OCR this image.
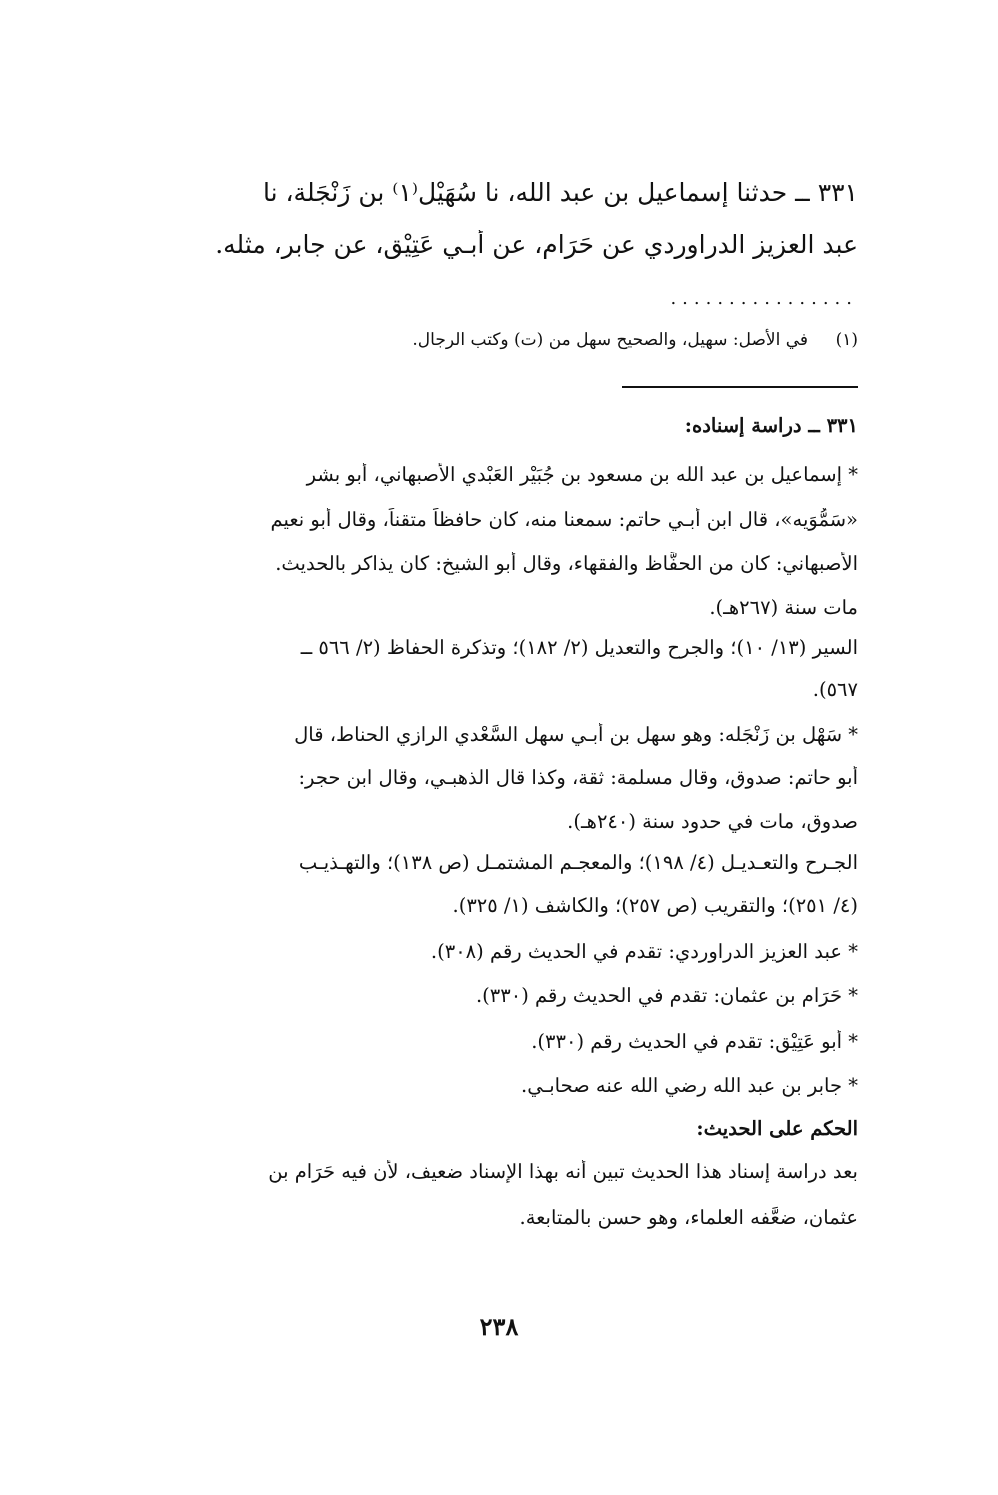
٣٣١ ــ حدثنا إسماعيل بن عبد الله، نا سُهَيْل⁽١⁾ بن زَنْجَلة، نا
عبد العزيز الدراوردي عن حَرَام، عن أبـي عَتِيْق، عن جابر، مثله.
................
(١)
في الأصل: سهيل، والصحيح سهل من (ت) وكتب الرجال.
٣٣١ ــ دراسة إسناده:
* إسماعيل بن عبد الله بن مسعود بن جُبَيْر العَبْدي الأصبهاني، أبو بشر
«سَمُّوَيه»، قال ابن أبـي حاتم: سمعنا منه، كان حافظاً متقناً، وقال أبو نعيم
الأصبهاني: كان من الحفَّاظ والفقهاء، وقال أبو الشيخ: كان يذاكر بالحديث.
مات سنة (٢٦٧هـ).
السير (١٣/ ١٠)؛ والجرح والتعديل (٢/ ١٨٢)؛ وتذكرة الحفاظ (٢/ ٥٦٦ ــ
٥٦٧).
* سَهْل بن زَنْجَله: وهو سهل بن أبـي سهل السَّعْدي الرازي الحناط، قال
أبو حاتم: صدوق، وقال مسلمة: ثقة، وكذا قال الذهبـي، وقال ابن حجر:
صدوق، مات في حدود سنة (٢٤٠هـ).
الجـرح والتعـديـل (٤/ ١٩٨)؛ والمعجـم المشتمـل (ص ١٣٨)؛ والتهـذيـب
(٤/ ٢٥١)؛ والتقريب (ص ٢٥٧)؛ والكاشف (١/ ٣٢٥).
* عبد العزيز الدراوردي: تقدم في الحديث رقم (٣٠٨).
* حَرَام بن عثمان: تقدم في الحديث رقم (٣٣٠).
* أبو عَتِيْق: تقدم في الحديث رقم (٣٣٠).
* جابر بن عبد الله رضي الله عنه صحابـي.
الحكم على الحديث:
بعد دراسة إسناد هذا الحديث تبين أنه بهذا الإسناد ضعيف، لأن فيه حَرَام بن
عثمان، ضعَّفه العلماء، وهو حسن بالمتابعة.
٢٣٨
